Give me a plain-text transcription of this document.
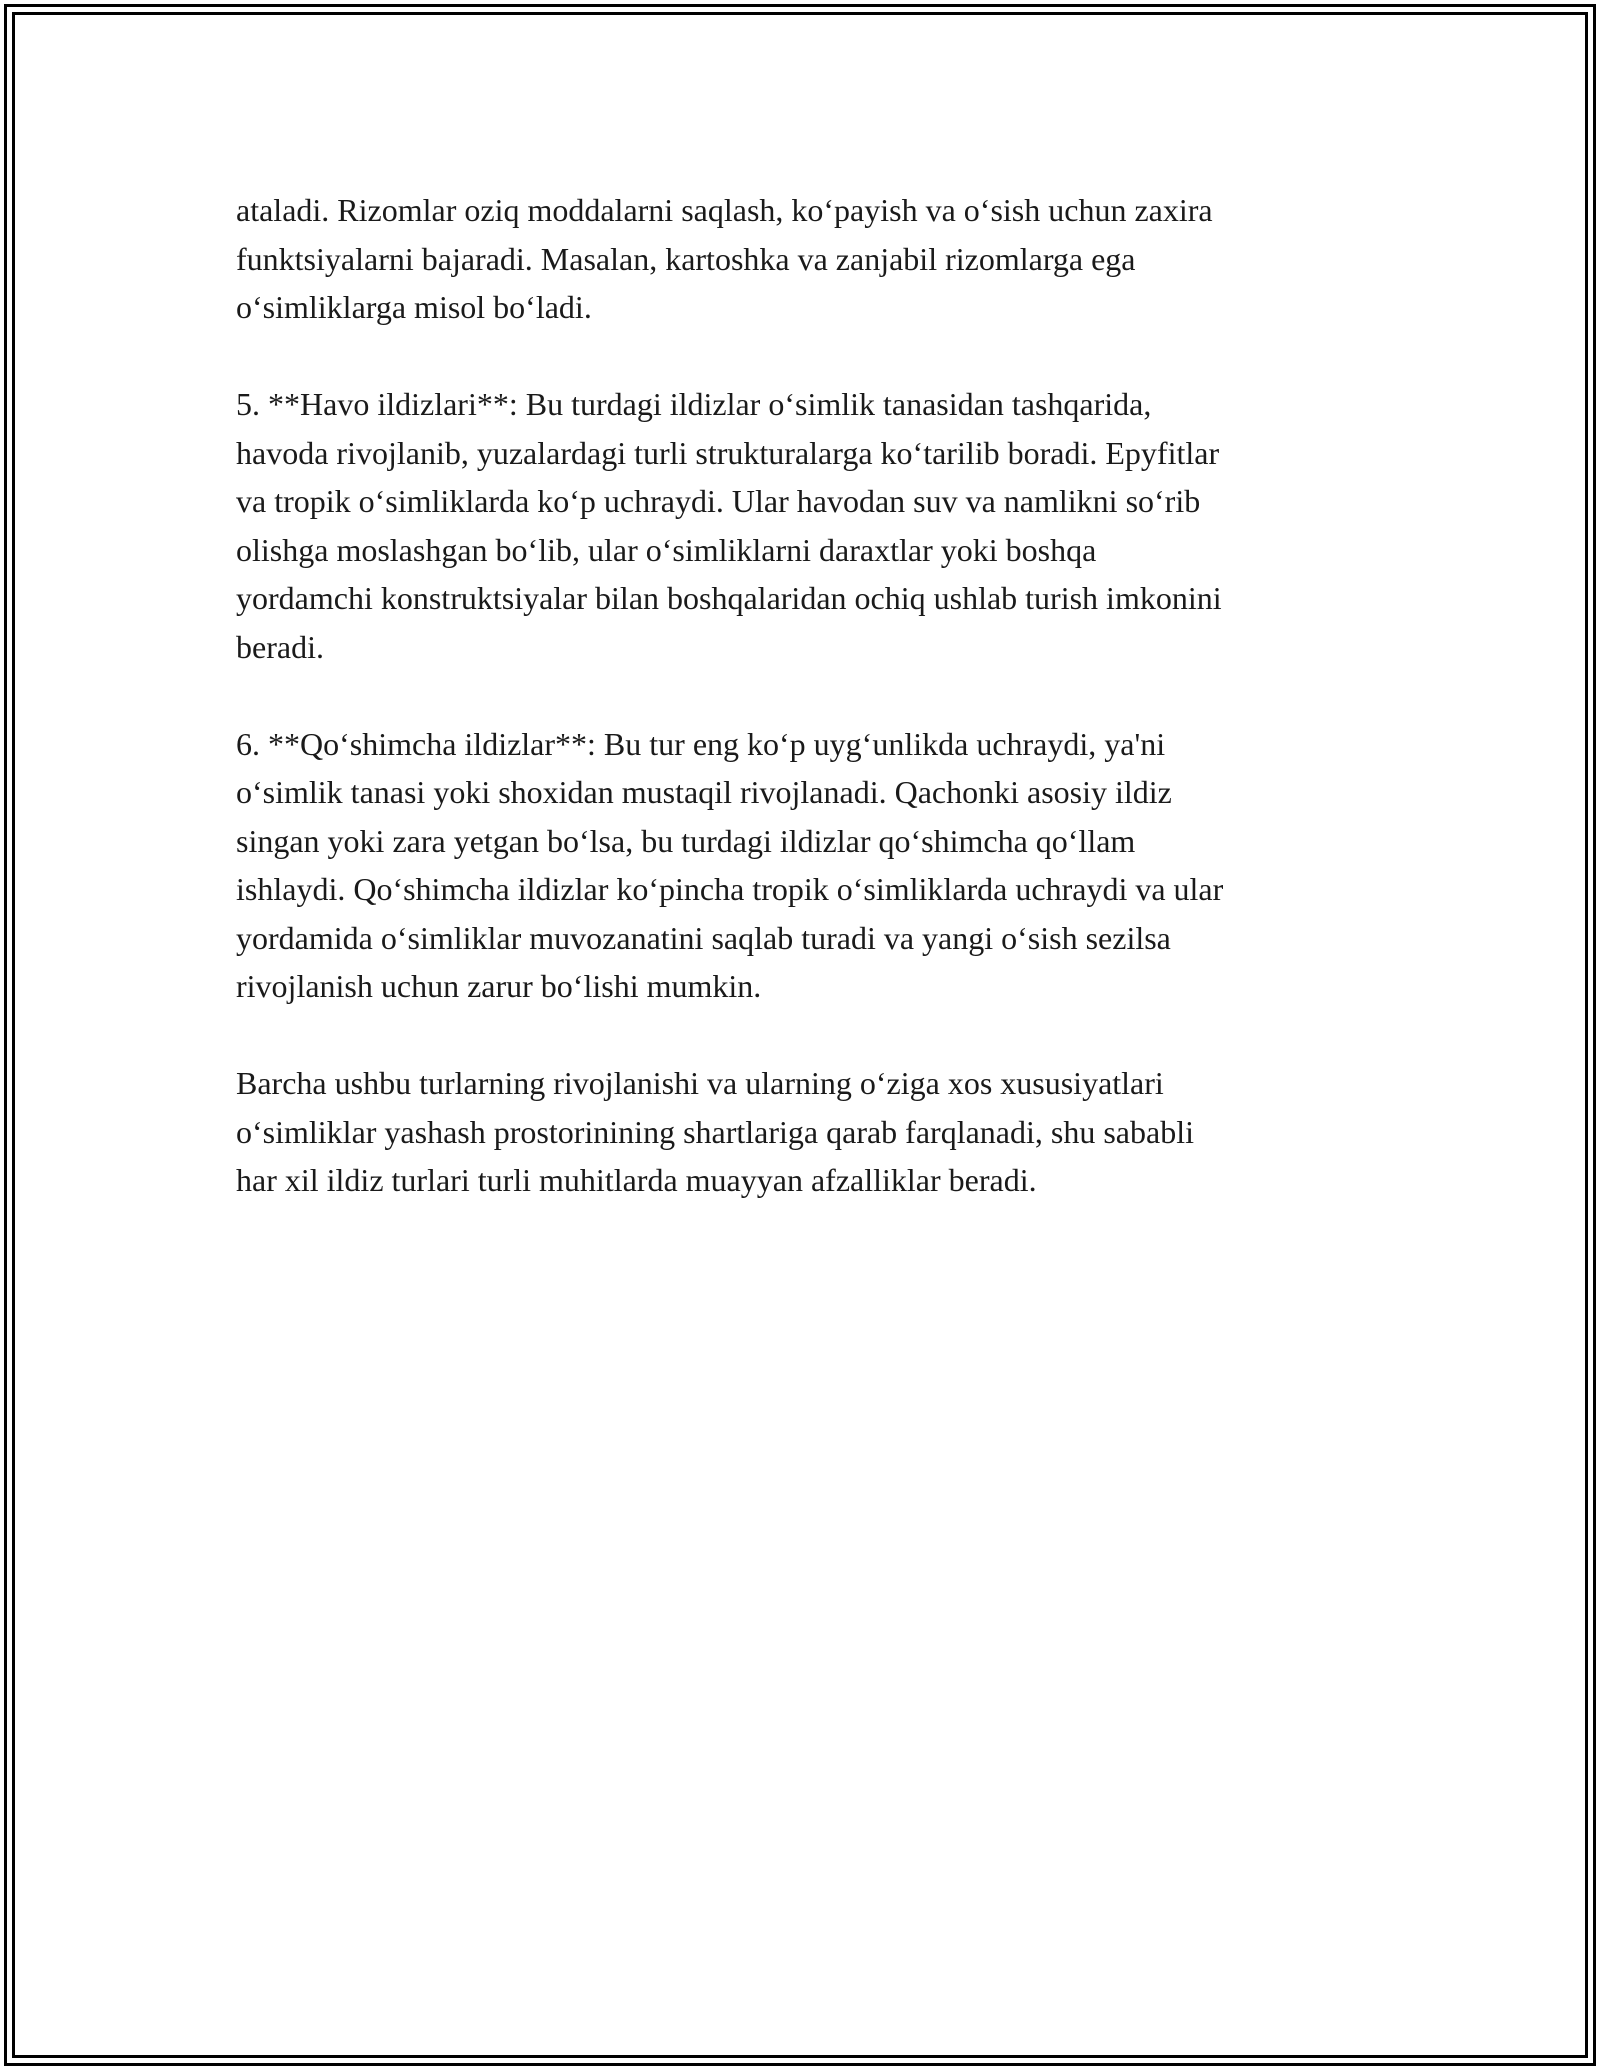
ataladi. Rizomlar oziq moddalarni saqlash, ko‘payish va o‘sish uchun zaxira
funktsiyalarni bajaradi. Masalan, kartoshka va zanjabil rizomlarga ega
o‘simliklarga misol bo‘ladi.

5. **Havo ildizlari**: Bu turdagi ildizlar o‘simlik tanasidan tashqarida,
havoda rivojlanib, yuzalardagi turli strukturalarga ko‘tarilib boradi. Epyfitlar
va tropik o‘simliklarda ko‘p uchraydi. Ular havodan suv va namlikni so‘rib
olishga moslashgan bo‘lib, ular o‘simliklarni daraxtlar yoki boshqa
yordamchi konstruktsiyalar bilan boshqalaridan ochiq ushlab turish imkonini
beradi.

6. **Qo‘shimcha ildizlar**: Bu tur eng ko‘p uyg‘unlikda uchraydi, ya'ni
o‘simlik tanasi yoki shoxidan mustaqil rivojlanadi. Qachonki asosiy ildiz
singan yoki zara yetgan bo‘lsa, bu turdagi ildizlar qo‘shimcha qo‘llam
ishlaydi. Qo‘shimcha ildizlar ko‘pincha tropik o‘simliklarda uchraydi va ular
yordamida o‘simliklar muvozanatini saqlab turadi va yangi o‘sish sezilsa
rivojlanish uchun zarur bo‘lishi mumkin.

Barcha ushbu turlarning rivojlanishi va ularning o‘ziga xos xususiyatlari
o‘simliklar yashash prostorinining shartlariga qarab farqlanadi, shu sababli
har xil ildiz turlari turli muhitlarda muayyan afzalliklar beradi.
